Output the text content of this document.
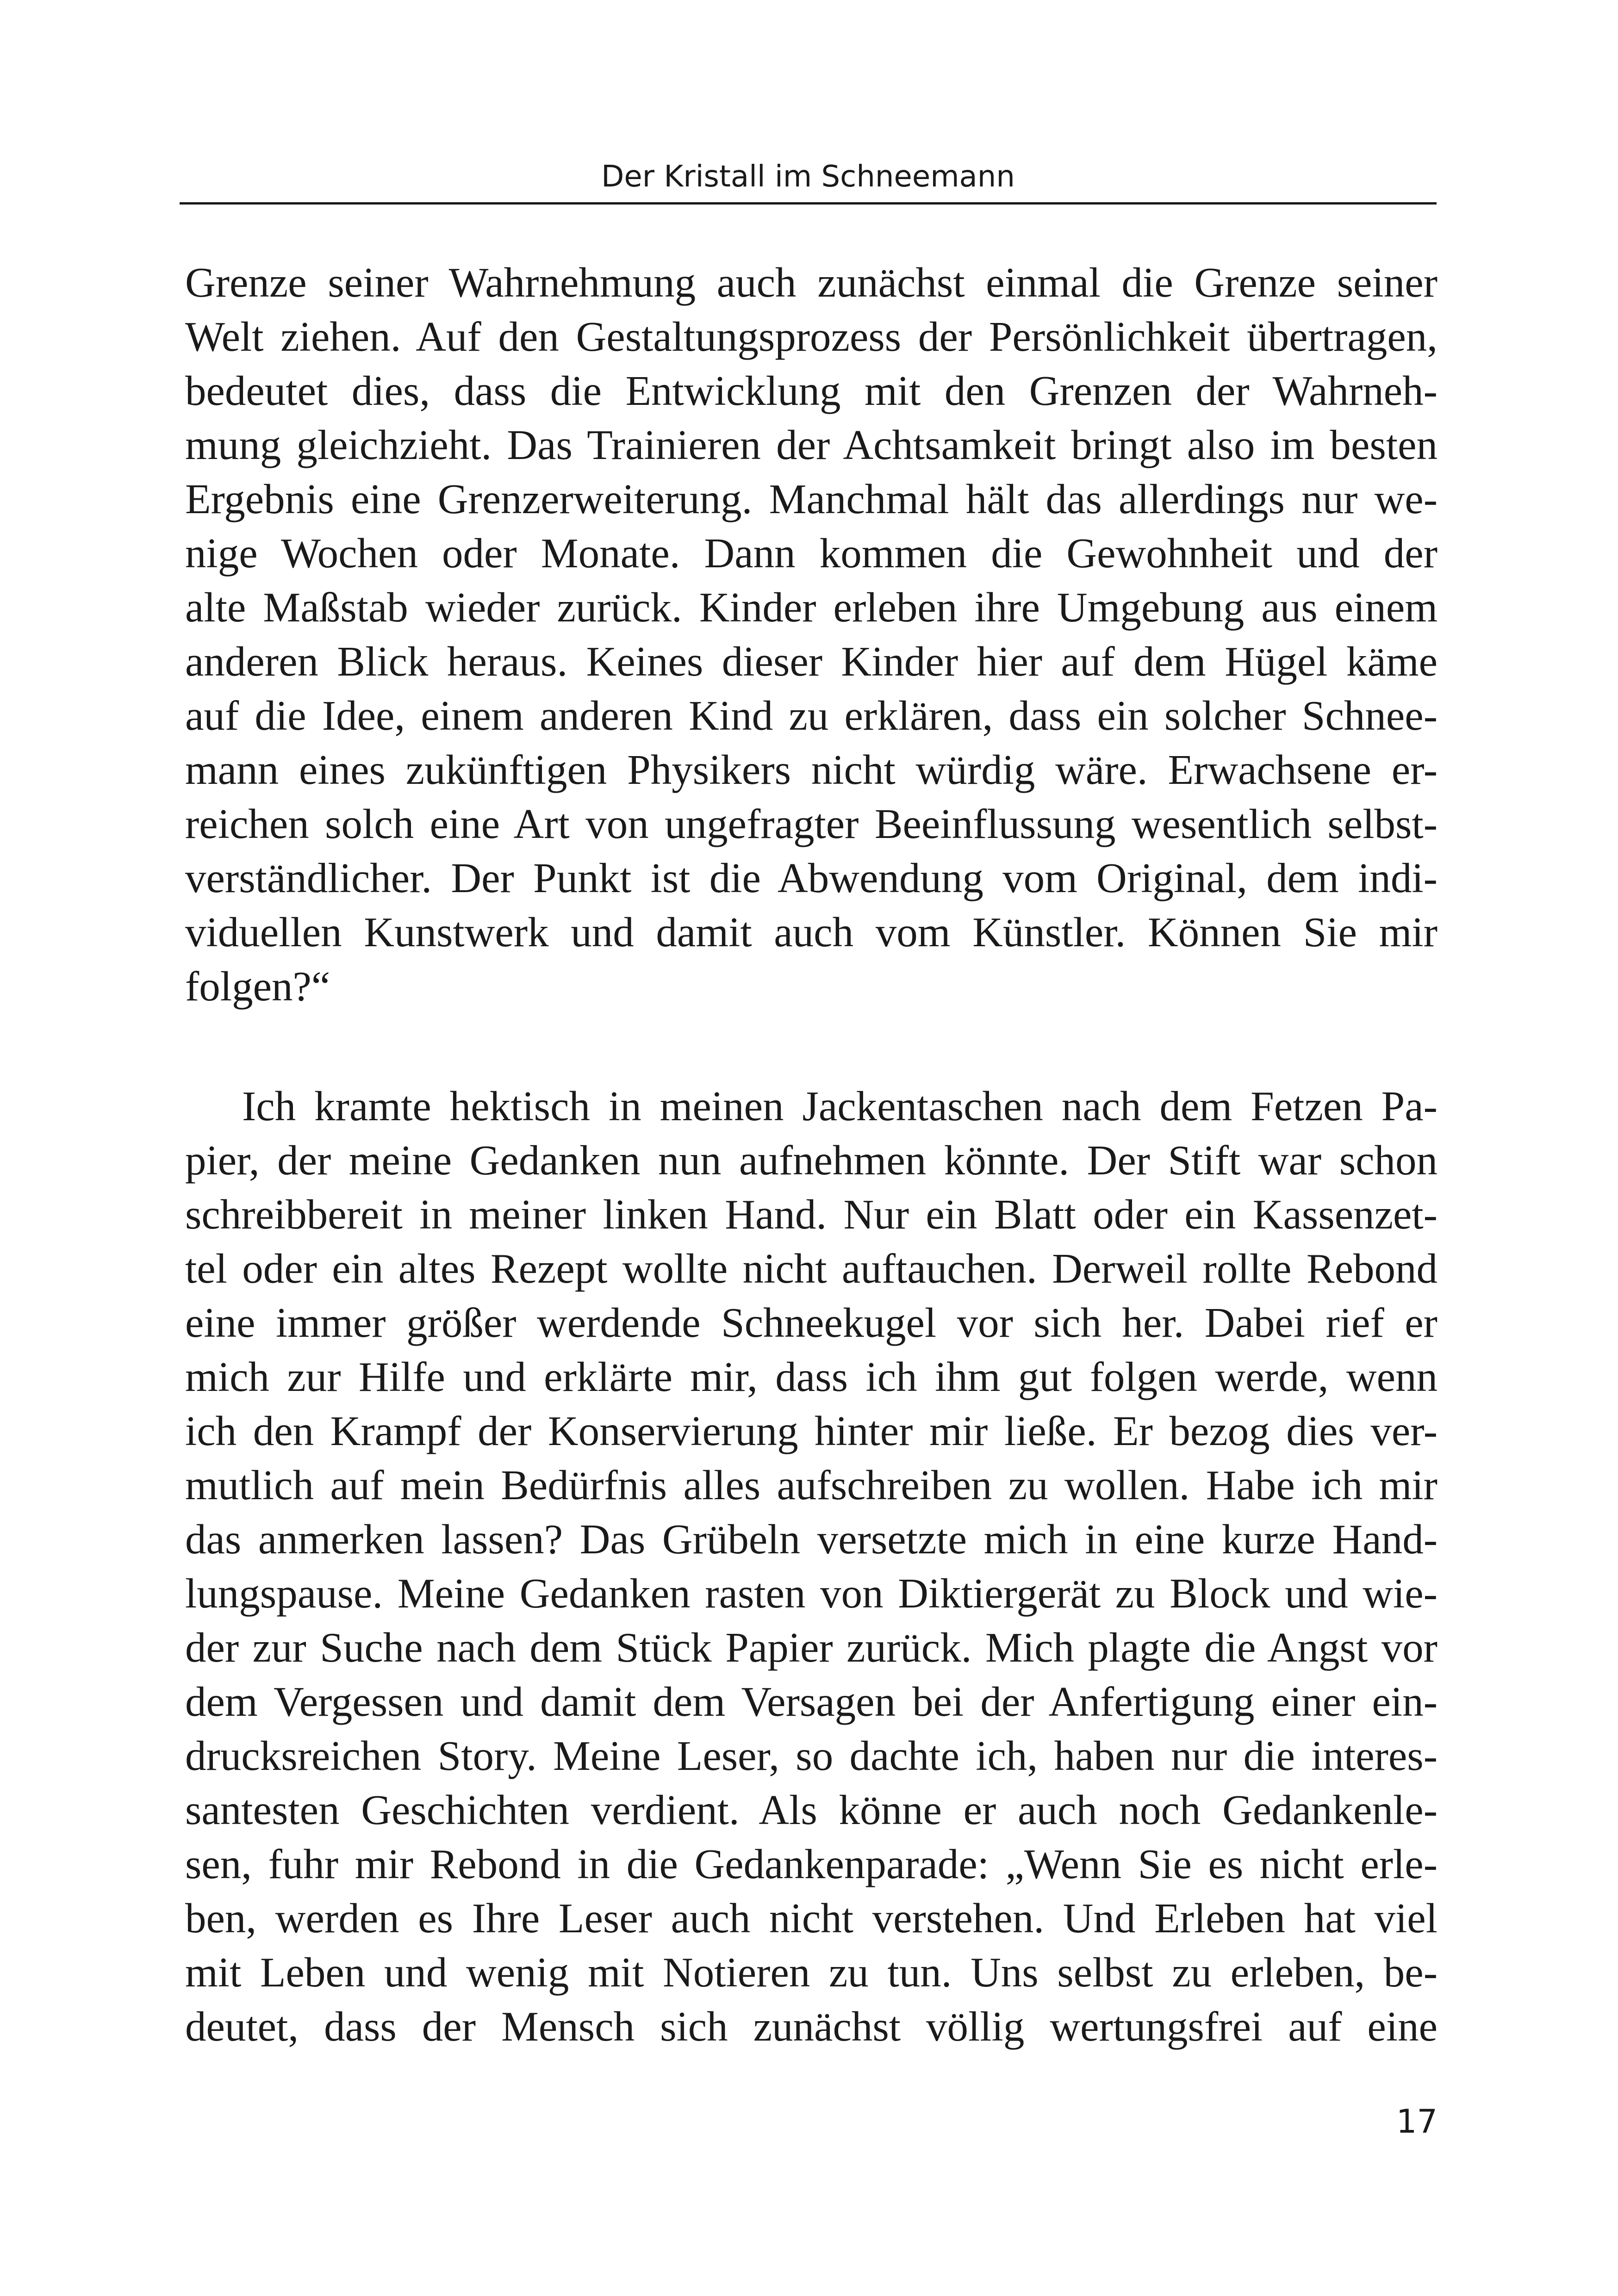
Der Kristall im Schneemann
Grenze seiner Wahrnehmung auch zunächst einmal die Grenze seiner
Welt ziehen. Auf den Gestaltungsprozess der Persönlichkeit übertragen,
bedeutet dies, dass die Entwicklung mit den Grenzen der Wahrneh-
mung gleichzieht. Das Trainieren der Achtsamkeit bringt also im besten
Ergebnis eine Grenzerweiterung. Manchmal hält das allerdings nur we-
nige Wochen oder Monate. Dann kommen die Gewohnheit und der
alte Maßstab wieder zurück. Kinder erleben ihre Umgebung aus einem
anderen Blick heraus. Keines dieser Kinder hier auf dem Hügel käme
auf die Idee, einem anderen Kind zu erklären, dass ein solcher Schnee-
mann eines zukünftigen Physikers nicht würdig wäre. Erwachsene er-
reichen solch eine Art von ungefragter Beeinflussung wesentlich selbst-
verständlicher. Der Punkt ist die Abwendung vom Original, dem indi-
viduellen Kunstwerk und damit auch vom Künstler. Können Sie mir
folgen?“
Ich kramte hektisch in meinen Jackentaschen nach dem Fetzen Pa-
pier, der meine Gedanken nun aufnehmen könnte. Der Stift war schon
schreibbereit in meiner linken Hand. Nur ein Blatt oder ein Kassenzet-
tel oder ein altes Rezept wollte nicht auftauchen. Derweil rollte Rebond
eine immer größer werdende Schneekugel vor sich her. Dabei rief er
mich zur Hilfe und erklärte mir, dass ich ihm gut folgen werde, wenn
ich den Krampf der Konservierung hinter mir ließe. Er bezog dies ver-
mutlich auf mein Bedürfnis alles aufschreiben zu wollen. Habe ich mir
das anmerken lassen? Das Grübeln versetzte mich in eine kurze Hand-
lungspause. Meine Gedanken rasten von Diktiergerät zu Block und wie-
der zur Suche nach dem Stück Papier zurück. Mich plagte die Angst vor
dem Vergessen und damit dem Versagen bei der Anfertigung einer ein-
drucksreichen Story. Meine Leser, so dachte ich, haben nur die interes-
santesten Geschichten verdient. Als könne er auch noch Gedankenle-
sen, fuhr mir Rebond in die Gedankenparade: „Wenn Sie es nicht erle-
ben, werden es Ihre Leser auch nicht verstehen. Und Erleben hat viel
mit Leben und wenig mit Notieren zu tun. Uns selbst zu erleben, be-
deutet, dass der Mensch sich zunächst völlig wertungsfrei auf eine
17
